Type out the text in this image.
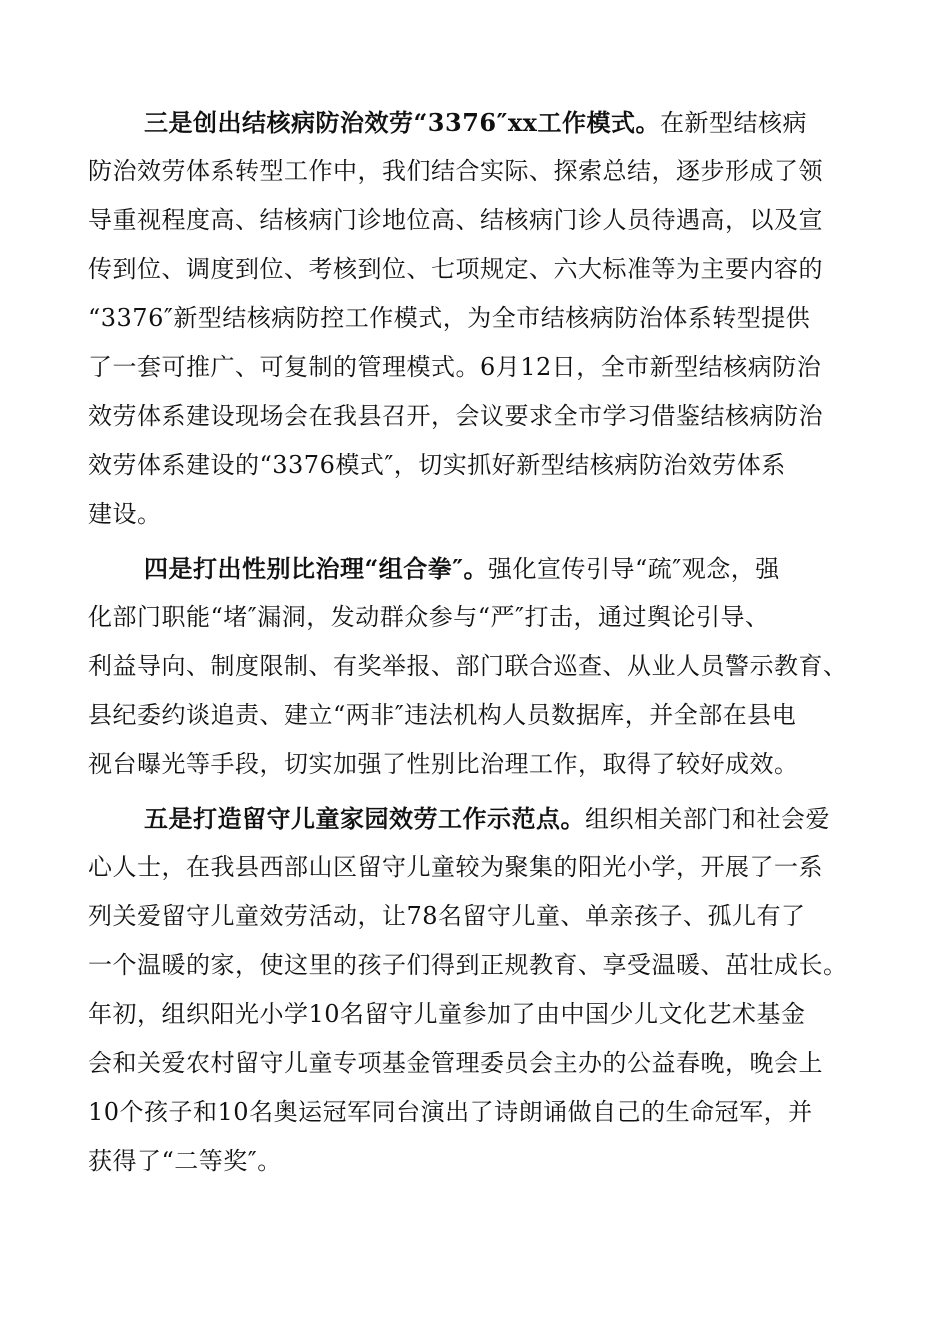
三是创出结核病防治效劳“3376″xx工作模式。在新型结核病
防治效劳体系转型工作中，我们结合实际、探索总结，逐步形成了领
导重视程度高、结核病门诊地位高、结核病门诊人员待遇高，以及宣
传到位、调度到位、考核到位、七项规定、六大标准等为主要内容的
“3376″新型结核病防控工作模式，为全市结核病防治体系转型提供
了一套可推广、可复制的管理模式。6月12日，全市新型结核病防治
效劳体系建设现场会在我县召开，会议要求全市学习借鉴结核病防治
效劳体系建设的“3376模式″，切实抓好新型结核病防治效劳体系
建设。
四是打出性别比治理“组合拳″。强化宣传引导“疏″观念，强
化部门职能“堵″漏洞，发动群众参与“严″打击，通过舆论引导、
利益导向、制度限制、有奖举报、部门联合巡查、从业人员警示教育、
县纪委约谈追责、建立“两非″违法机构人员数据库，并全部在县电
视台曝光等手段，切实加强了性别比治理工作，取得了较好成效。
五是打造留守儿童家园效劳工作示范点。组织相关部门和社会爱
心人士，在我县西部山区留守儿童较为聚集的阳光小学，开展了一系
列关爱留守儿童效劳活动，让78名留守儿童、单亲孩子、孤儿有了
一个温暖的家，使这里的孩子们得到正规教育、享受温暖、茁壮成长。
年初，组织阳光小学10名留守儿童参加了由中国少儿文化艺术基金
会和关爱农村留守儿童专项基金管理委员会主办的公益春晚，晚会上
10个孩子和10名奥运冠军同台演出了诗朗诵做自己的生命冠军，并
获得了“二等奖″。
